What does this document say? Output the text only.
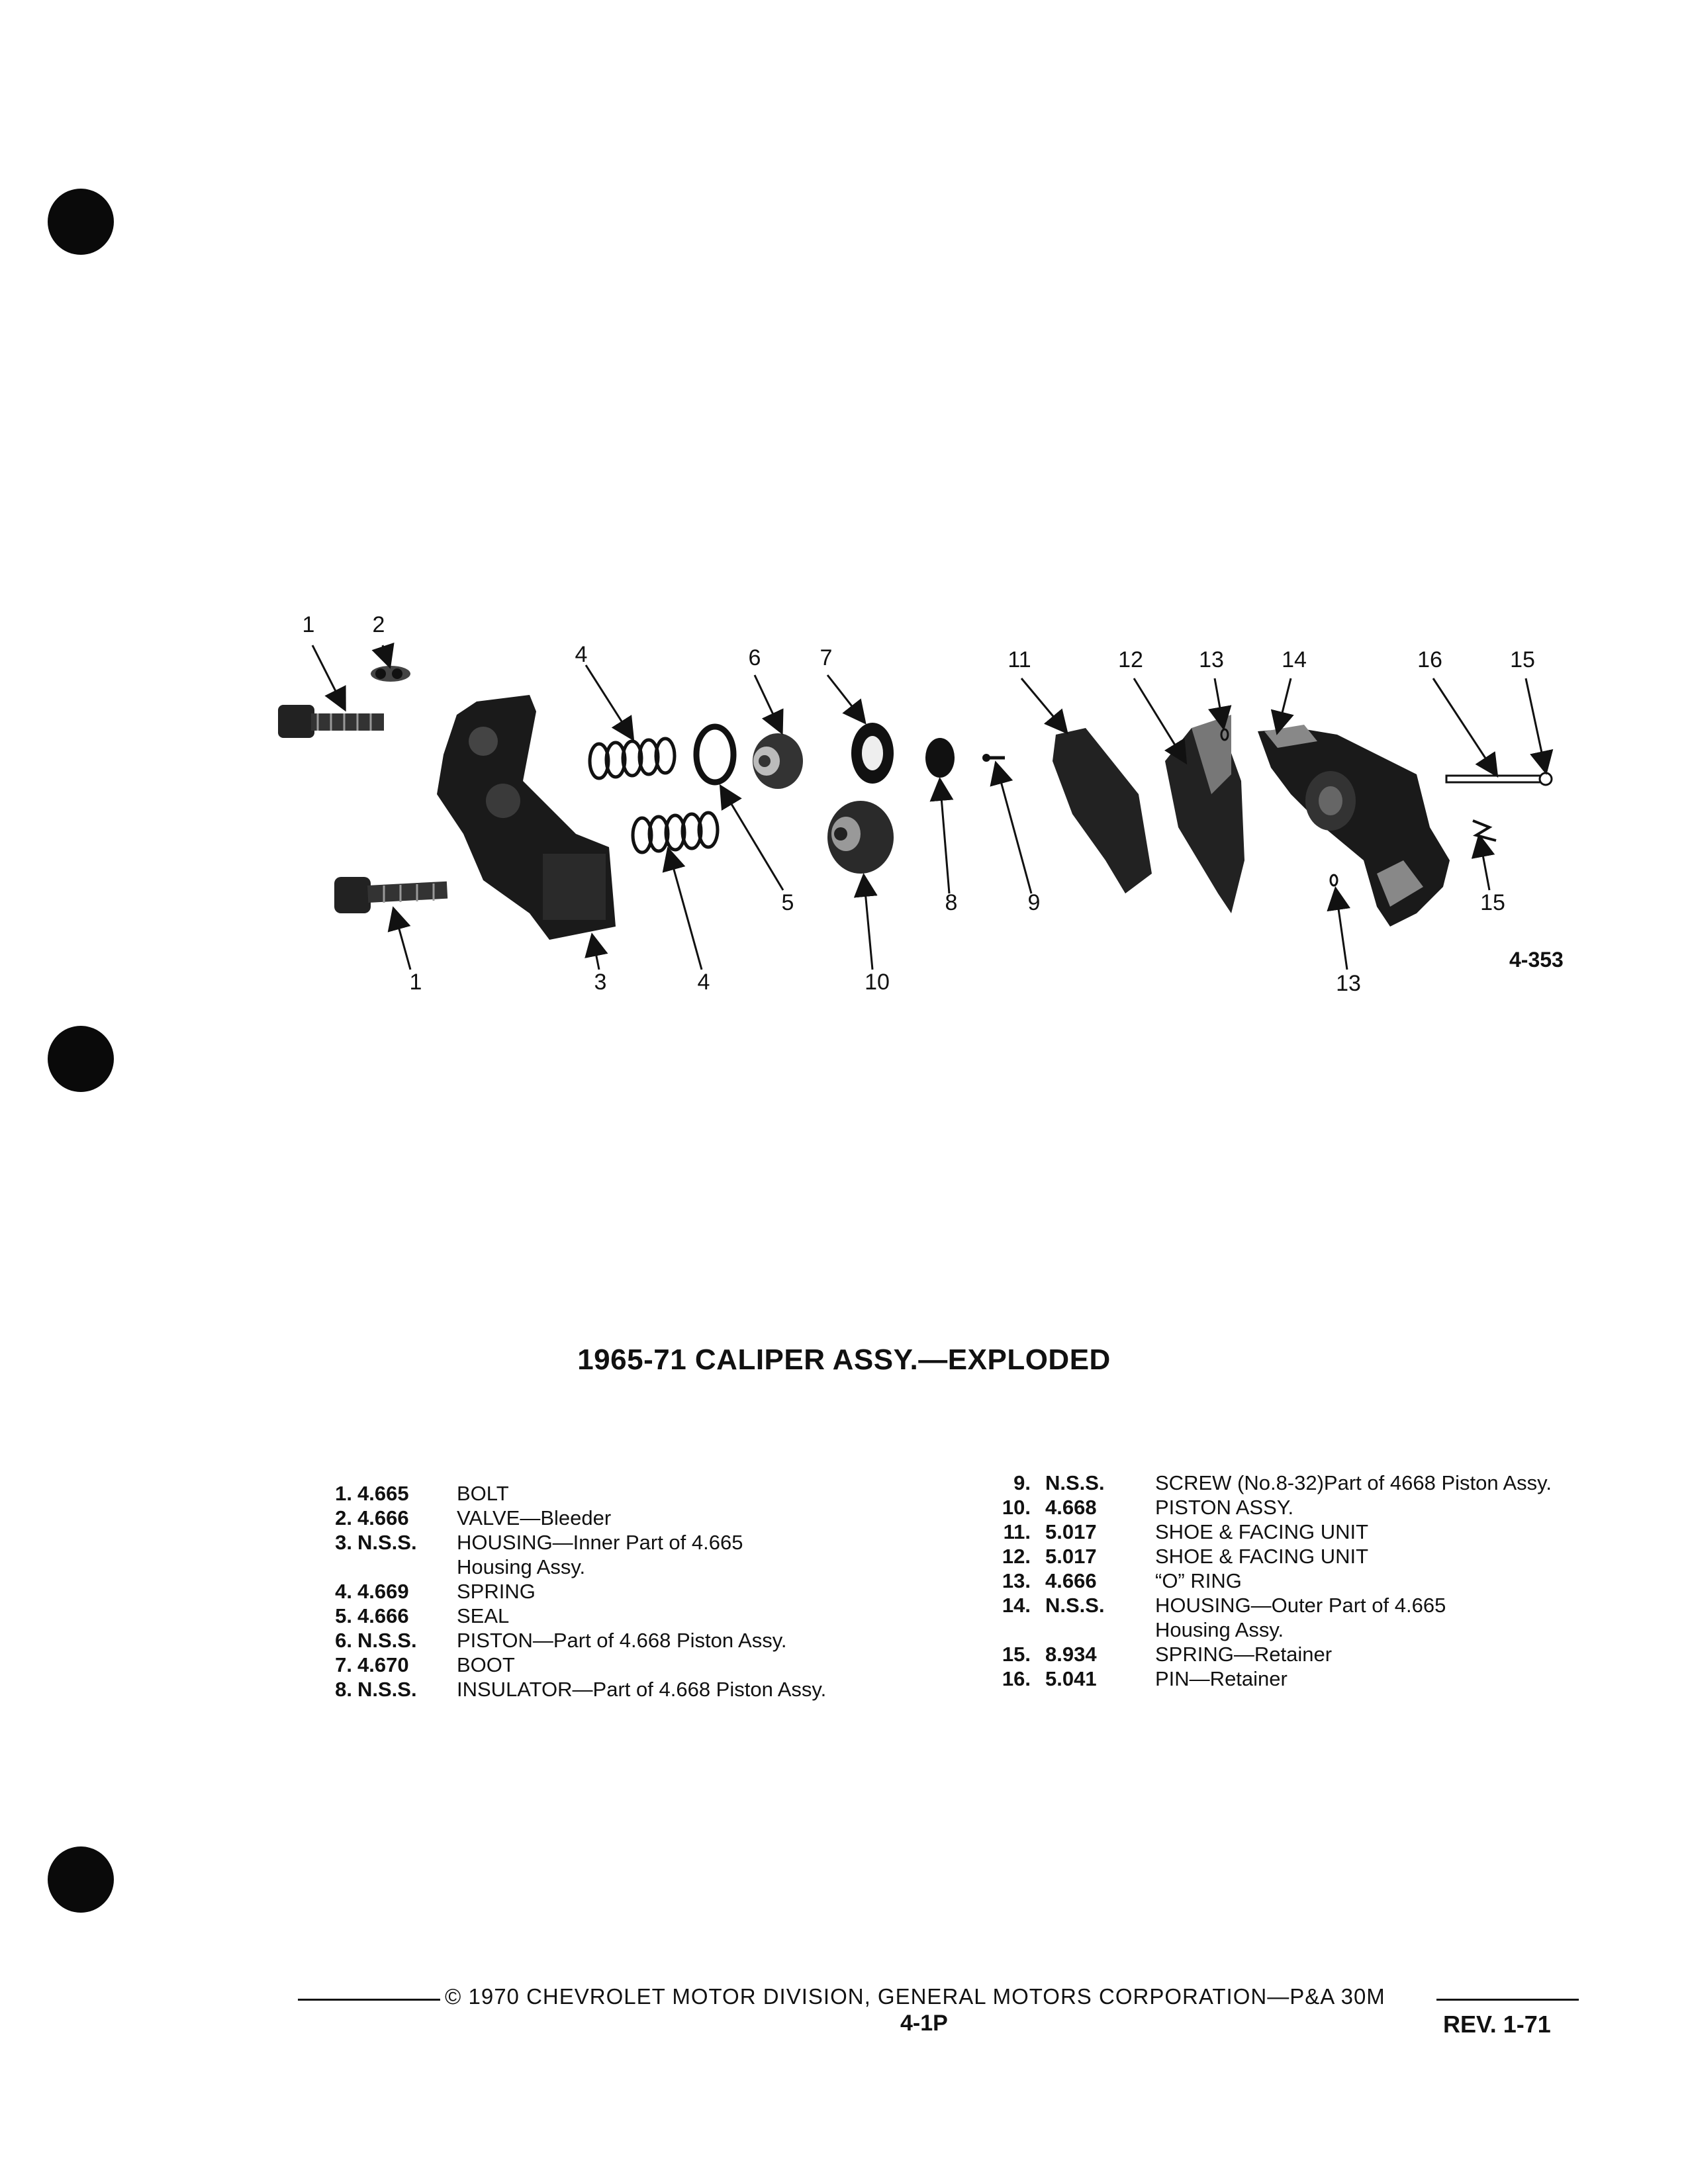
1	2
4	6	7	11	12 13	14	16	15
5	8	9	15
1	3	4	10	13
4-353
1965-71 CALIPER ASSY.—EXPLODED
1. 4.665 BOLT
2. 4.666 VALVE—Bleeder
3. N.S.S. HOUSING—Inner Part of 4.665
Housing Assy.
4. 4.669 SPRING
5. 4.666 SEAL
6. N.S.S. PISTON—Part of 4.668 Piston Assy.
7. 4.670 BOOT
8. N.S.S. INSULATOR—Part of 4.668 Piston Assy.
9. N.S.S. SCREW (No.8-32)Part of 4668 Piston Assy.
10. 4.668	PISTON ASSY.
11. 5.017	SHOE & FACING UNIT
12. 5.017	SHOE & FACING UNIT
13. 4.666	“O” RING
14. N.S.S. HOUSING—Outer Part of 4.665
Housing Assy.
15. 8.934	SPRING—Retainer
16. 5.041	PIN—Retainer
© 1970 CHEVROLET MOTOR DIVISION, GENERAL MOTORS CORPORATION—P&A 30M
4-1P	REV. 1-71
